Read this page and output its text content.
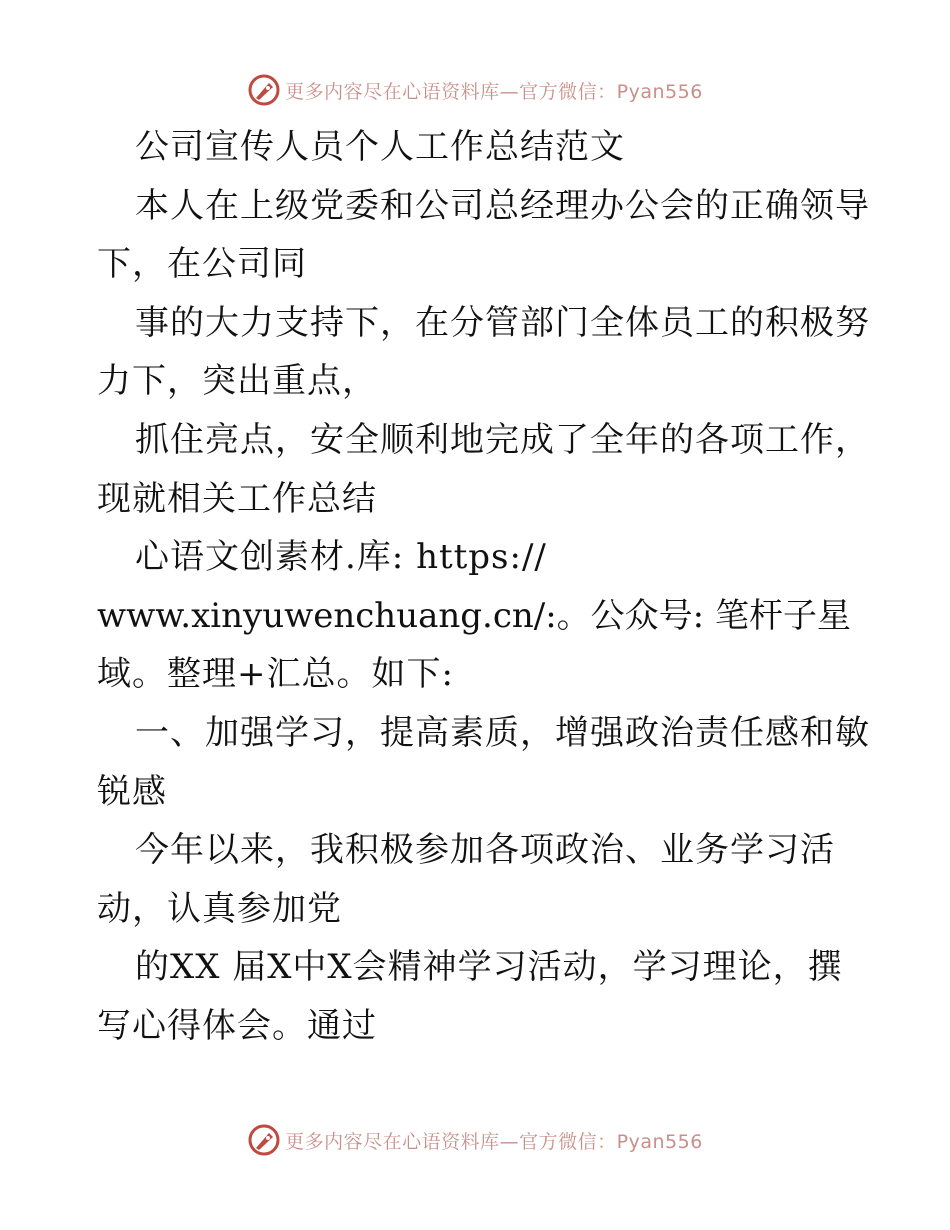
更多内容尽在心语资料库—官方微信：Pyan556
公司宣传人员个人工作总结范文
本人在上级党委和公司总经理办公会的正确领导
下，在公司同
事的大力支持下，在分管部门全体员工的积极努
力下，突出重点，
抓住亮点，安全顺利地完成了全年的各项工作，
现就相关工作总结
心语文创素材.库: https://
www.xinyuwenchuang.cn/:。公众号: 笔杆子星
域。整理+汇总。如下:
一、加强学习，提高素质，增强政治责任感和敏
锐感
今年以来，我积极参加各项政治、业务学习活
动，认真参加党
的XX 届X中X会精神学习活动，学习理论，撰
写心得体会。通过
更多内容尽在心语资料库—官方微信：Pyan556
